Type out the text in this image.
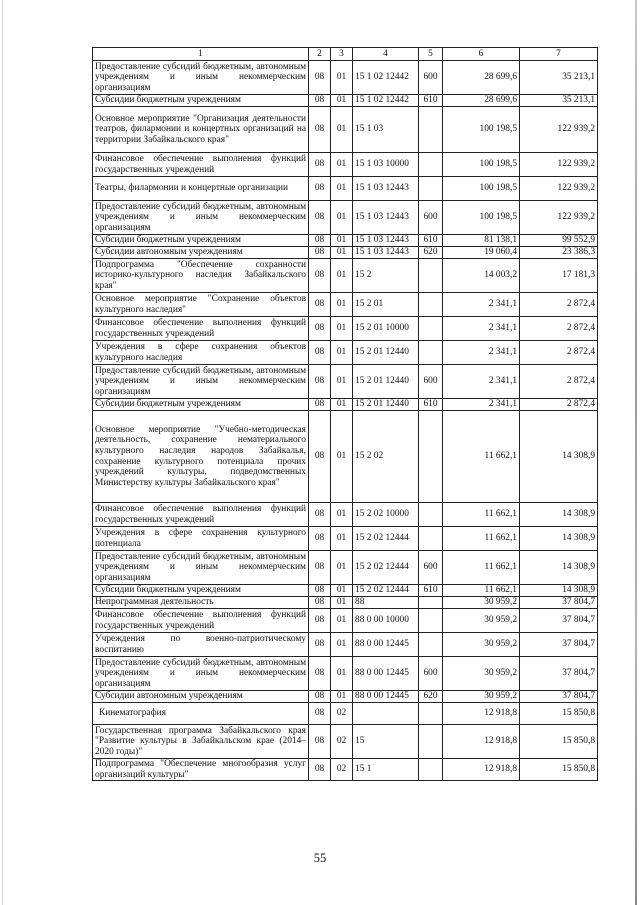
1	2	3	4	5	6	7
Предоставление субсидий бюджетным, автономным учреждениям и иным некоммерческим организациям	08	01	15 1 02 12442	600	28 699,6	35 213,1
Субсидии бюджетным учреждениям	08	01	15 1 02 12442	610	28 699,6	35 213,1
Основное мероприятие "Организация деятельности театров, филармонии и концертных организаций на территории Забайкальского края"	08	01	15 1 03		100 198,5	122 939,2
Финансовое обеспечение выполнения функций государственных учреждений	08	01	15 1 03 10000		100 198,5	122 939,2
Театры, филармонии и концертные организации	08	01	15 1 03 12443		100 198,5	122 939,2
Предоставление субсидий бюджетным, автономным учреждениям и иным некоммерческим организациям	08	01	15 1 03 12443	600	100 198,5	122 939,2
Субсидии бюджетным учреждениям	08	01	15 1 03 12443	610	81 138,1	99 552,9
Субсидии автономным учреждениям	08	01	15 1 03 12443	620	19 060,4	23 386,3
Подпрограмма "Обеспечение сохранности историко-культурного наследия Забайкальского края"	08	01	15 2		14 003,2	17 181,3
Основное мероприятие "Сохранение объектов культурного наследия"	08	01	15 2 01		2 341,1	2 872,4
Финансовое обеспечение выполнения функций государственных учреждений	08	01	15 2 01 10000		2 341,1	2 872,4
Учреждения в сфере сохранения объектов культурного наследия	08	01	15 2 01 12440		2 341,1	2 872,4
Предоставление субсидий бюджетным, автономным учреждениям и иным некоммерческим организациям	08	01	15 2 01 12440	600	2 341,1	2 872,4
Субсидии бюджетным учреждениям	08	01	15 2 01 12440	610	2 341,1	2 872,4
Основное мероприятие "Учебно-методическая деятельность, сохранение нематериального культурного наследия народов Забайкалья, сохранение культурного потенциала прочих учреждений культуры, подведомственных Министерству культуры Забайкальского края"	08	01	15 2 02		11 662,1	14 308,9
Финансовое обеспечение выполнения функций государственных учреждений	08	01	15 2 02 10000		11 662,1	14 308,9
Учреждения в сфере сохранения культурного потенциала	08	01	15 2 02 12444		11 662,1	14 308,9
Предоставление субсидий бюджетным, автономным учреждениям и иным некоммерческим организациям	08	01	15 2 02 12444	600	11 662,1	14 308,9
Субсидии бюджетным учреждениям	08	01	15 2 02 12444	610	11 662,1	14 308,9
Непрограммная деятельность	08	01	88		30 959,2	37 804,7
Финансовое обеспечение выполнения функций государственных учреждений	08	01	88 0 00 10000		30 959,2	37 804,7
Учреждения по военно-патриотическому воспитанию	08	01	88 0 00 12445		30 959,2	37 804,7
Предоставление субсидий бюджетным, автономным учреждениям и иным некоммерческим организациям	08	01	88 0 00 12445	600	30 959,2	37 804,7
Субсидии автономным учреждениям	08	01	88 0 00 12445	620	30 959,2	37 804,7
Кинематография	08	02			12 918,8	15 850,8
Государственная программа Забайкальского края "Развитие культуры в Забайкальском крае (2014–2020 годы)"	08	02	15		12 918,8	15 850,8
Подпрограмма "Обеспечение многообразия услуг организаций культуры"	08	02	15 1		12 918,8	15 850,8
55
